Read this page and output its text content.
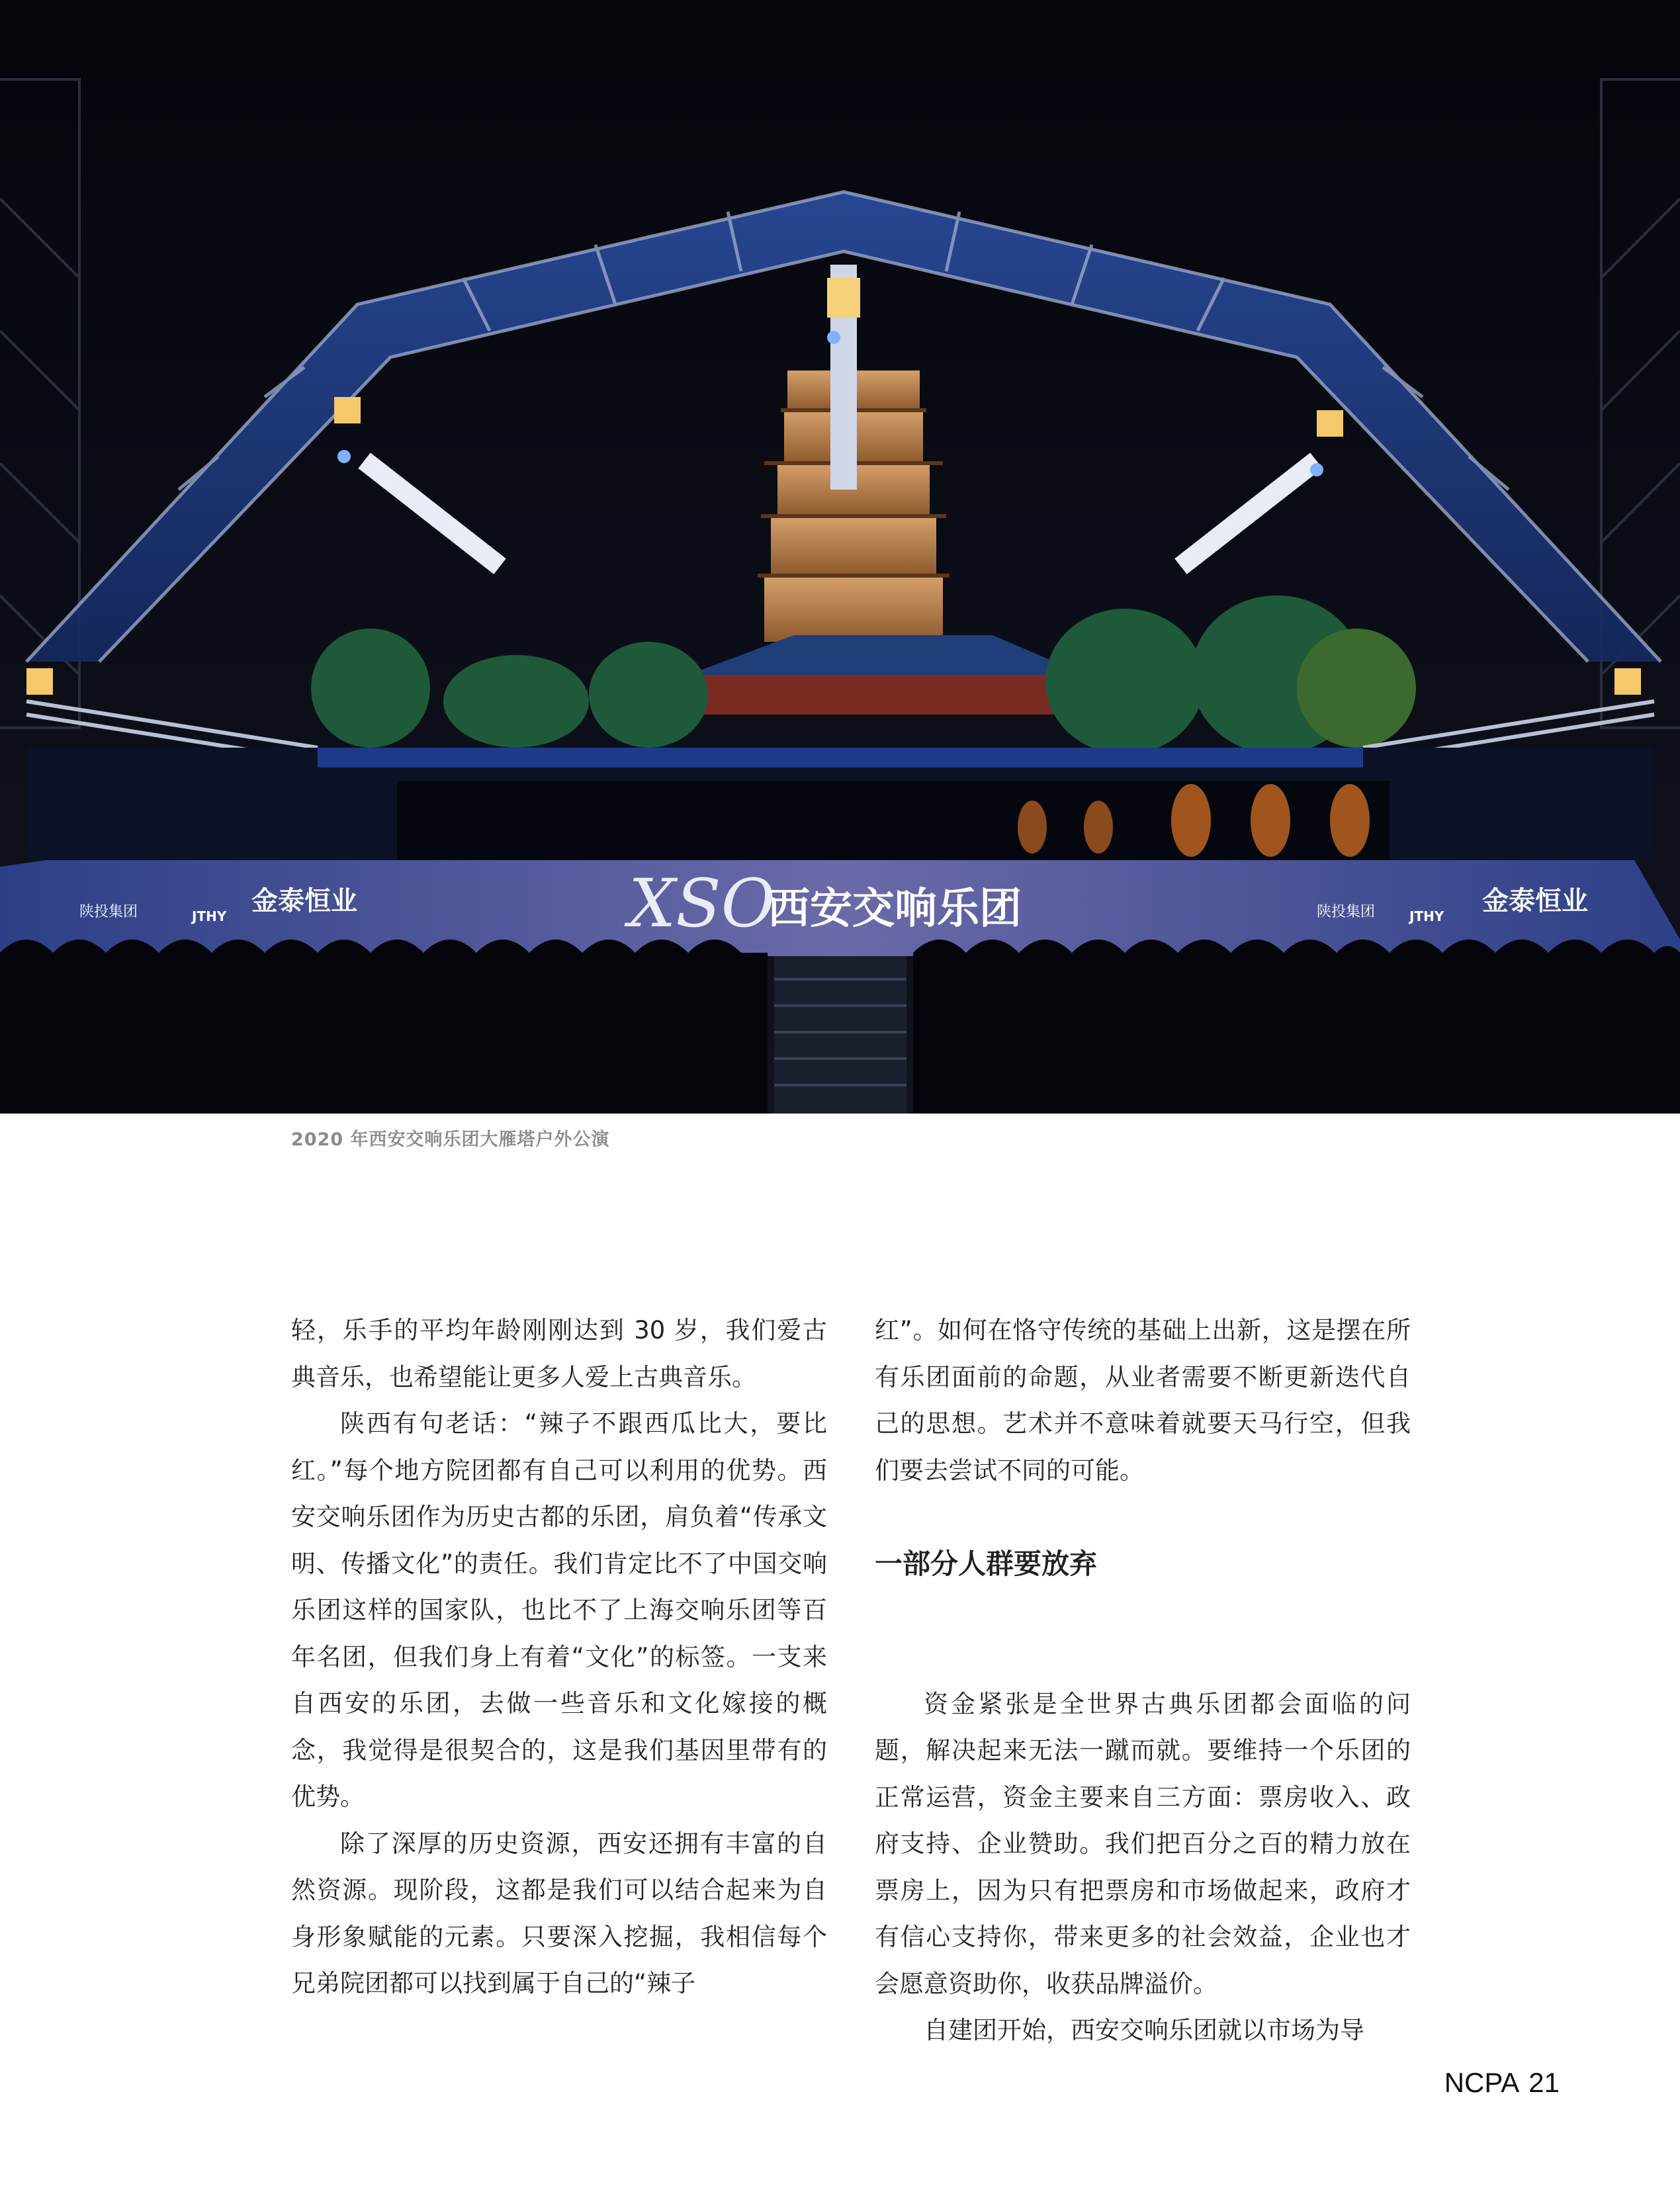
XSO
西安交响乐团
陕投集团	金泰恒业
JTHY	陕投集团	金泰恒业
JTHY
2020 年西安交响乐团大雁塔户外公演

轻，乐手的平均年龄刚刚达到 30 岁，我们爱古典音乐，也希望能让更多人爱上古典音乐。

陕西有句老话：“辣子不跟西瓜比大，要比红。”每个地方院团都有自己可以利用的优势。西安交响乐团作为历史古都的乐团，肩负着“传承文明、传播文化”的责任。我们肯定比不了中国交响乐团这样的国家队，也比不了上海交响乐团等百年名团，但我们身上有着“文化”的标签。一支来自西安的乐团，去做一些音乐和文化嫁接的概念，我觉得是很契合的，这是我们基因里带有的优势。

除了深厚的历史资源，西安还拥有丰富的自然资源。现阶段，这都是我们可以结合起来为自身形象赋能的元素。只要深入挖掘，我相信每个兄弟院团都可以找到属于自己的“辣子

红”。如何在恪守传统的基础上出新，这是摆在所有乐团面前的命题，从业者需要不断更新迭代自己的思想。艺术并不意味着就要天马行空，但我们要去尝试不同的可能。

一部分人群要放弃

资金紧张是全世界古典乐团都会面临的问题，解决起来无法一蹴而就。要维持一个乐团的正常运营，资金主要来自三方面：票房收入、政府支持、企业赞助。我们把百分之百的精力放在票房上，因为只有把票房和市场做起来，政府才有信心支持你，带来更多的社会效益，企业也才会愿意资助你，收获品牌溢价。

自建团开始，西安交响乐团就以市场为导

NCPA 21
